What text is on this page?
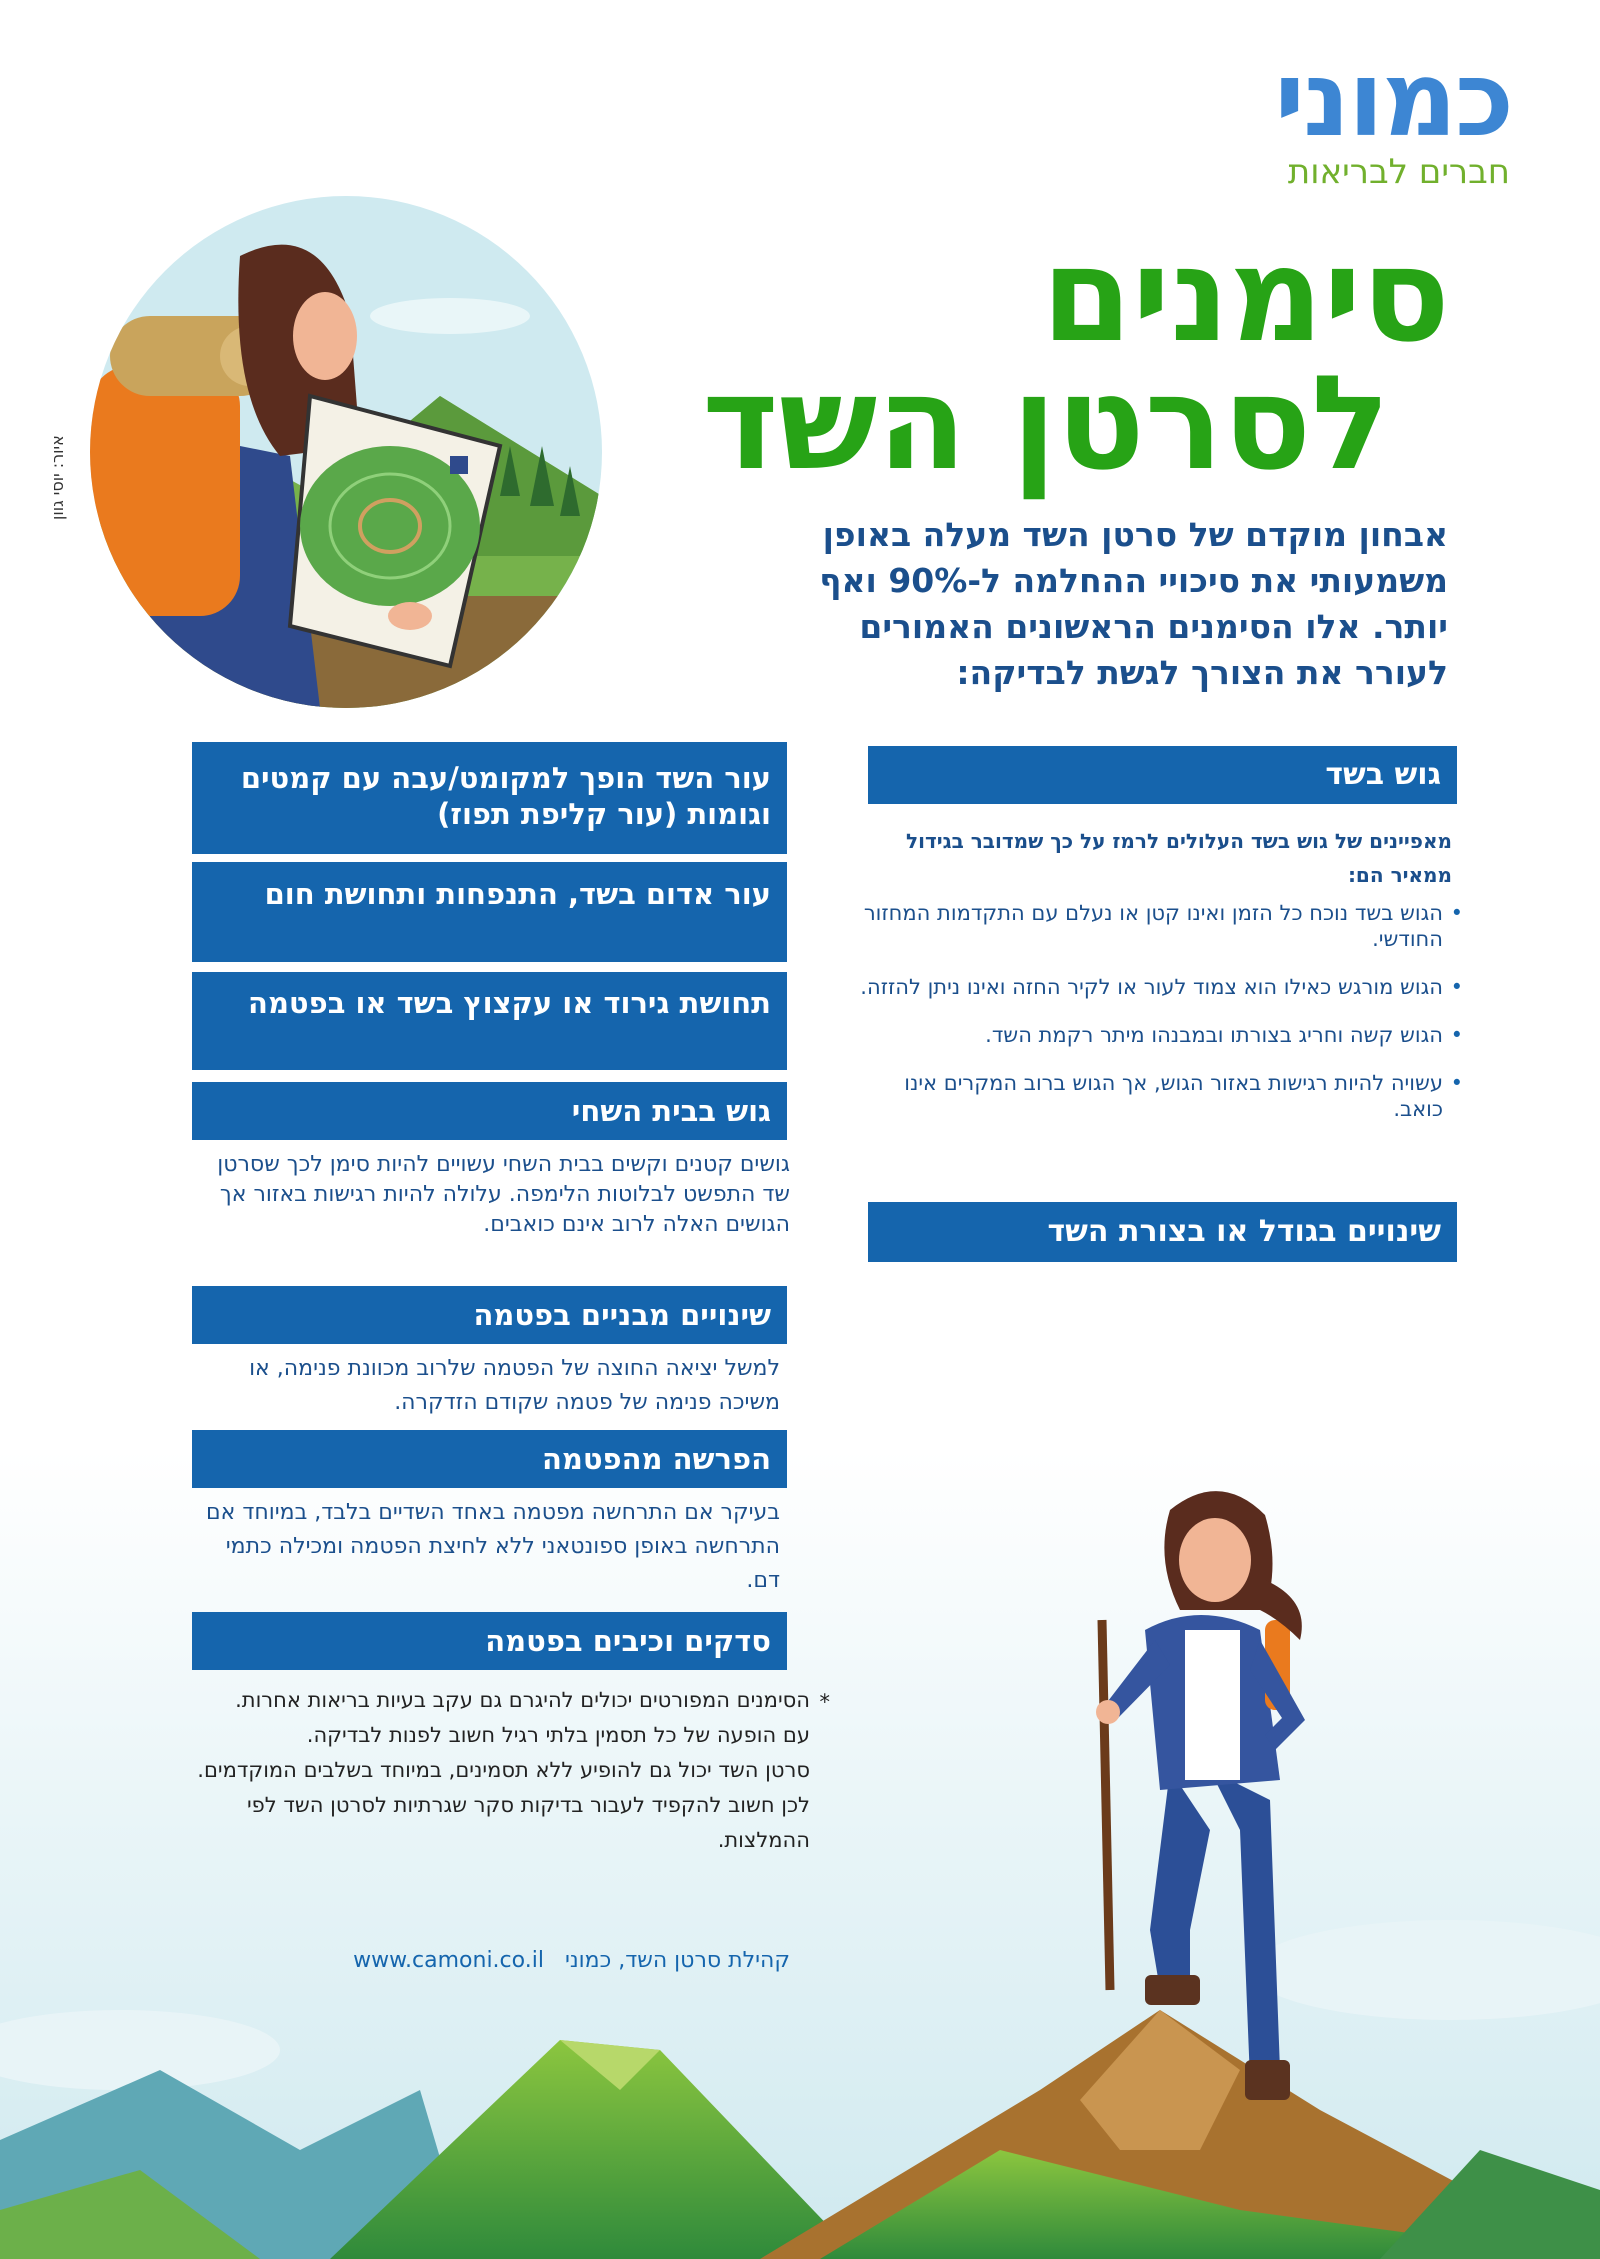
כמוני
חברים לבריאות
סימנים
לסרטן השד
אבחון מוקדם של סרטן השד מעלה באופן משמעותי את סיכויי ההחלמה ל-90% ואף יותר. אלו הסימנים הראשונים האמורים לעורר את הצורך לגשת לבדיקה:
איור: יוסי גוון
גוש בשד
מאפיינים של גוש בשד העלולים לרמז על כך שמדובר בגידול ממאיר הם:
• הגוש בשד נוכח כל הזמן ואינו קטן או נעלם עם התקדמות המחזור החודשי.
• הגוש מורגש כאילו הוא צמוד לעור או לקיר החזה ואינו ניתן להזזה.
• הגוש קשה וחריג בצורתו ובמבנהו מיתר רקמת השד.
• עשויה להיות רגישות באזור הגוש, אך הגוש ברוב המקרים אינו כואב.
שינויים בגודל או בצורת השד
עור השד הופך למקומט/עבה עם קמטים וגומות (עור קליפת תפוז)
עור אדום בשד, התנפחות ותחושת חום
תחושת גירוד או עקצוץ בשד או בפטמה
גוש בבית השחי
גושים קטנים וקשים בבית השחי עשויים להיות סימן לכך שסרטן שד התפשט לבלוטות הלימפה. עלולה להיות רגישות באזור אך הגושים האלה לרוב אינם כואבים.
שינויים מבניים בפטמה
למשל יציאה החוצה של הפטמה שלרוב מכוונת פנימה, או משיכה פנימה של פטמה שקודם הזדקרה.
הפרשה מהפטמה
בעיקר אם התרחשה מפטמה באחד השדיים בלבד, במיוחד אם התרחשה באופן ספונטאני ללא לחיצת הפטמה ומכילה כתמי דם.
סדקים וכיבים בפטמה
*

הסימנים המפורטים יכולים להיגרם גם עקב בעיות בריאות אחרות.

עם הופעה של כל תסמין בלתי רגיל חשוב לפנות לבדיקה.

סרטן השד יכול גם להופיע ללא תסמינים, במיוחד בשלבים המוקדמים.

לכן חשוב להקפיד לעבור בדיקות סקר שגרתיות לסרטן השד לפי ההמלצות.

קהילת סרטן השד, כמוני www.camoni.co.il
